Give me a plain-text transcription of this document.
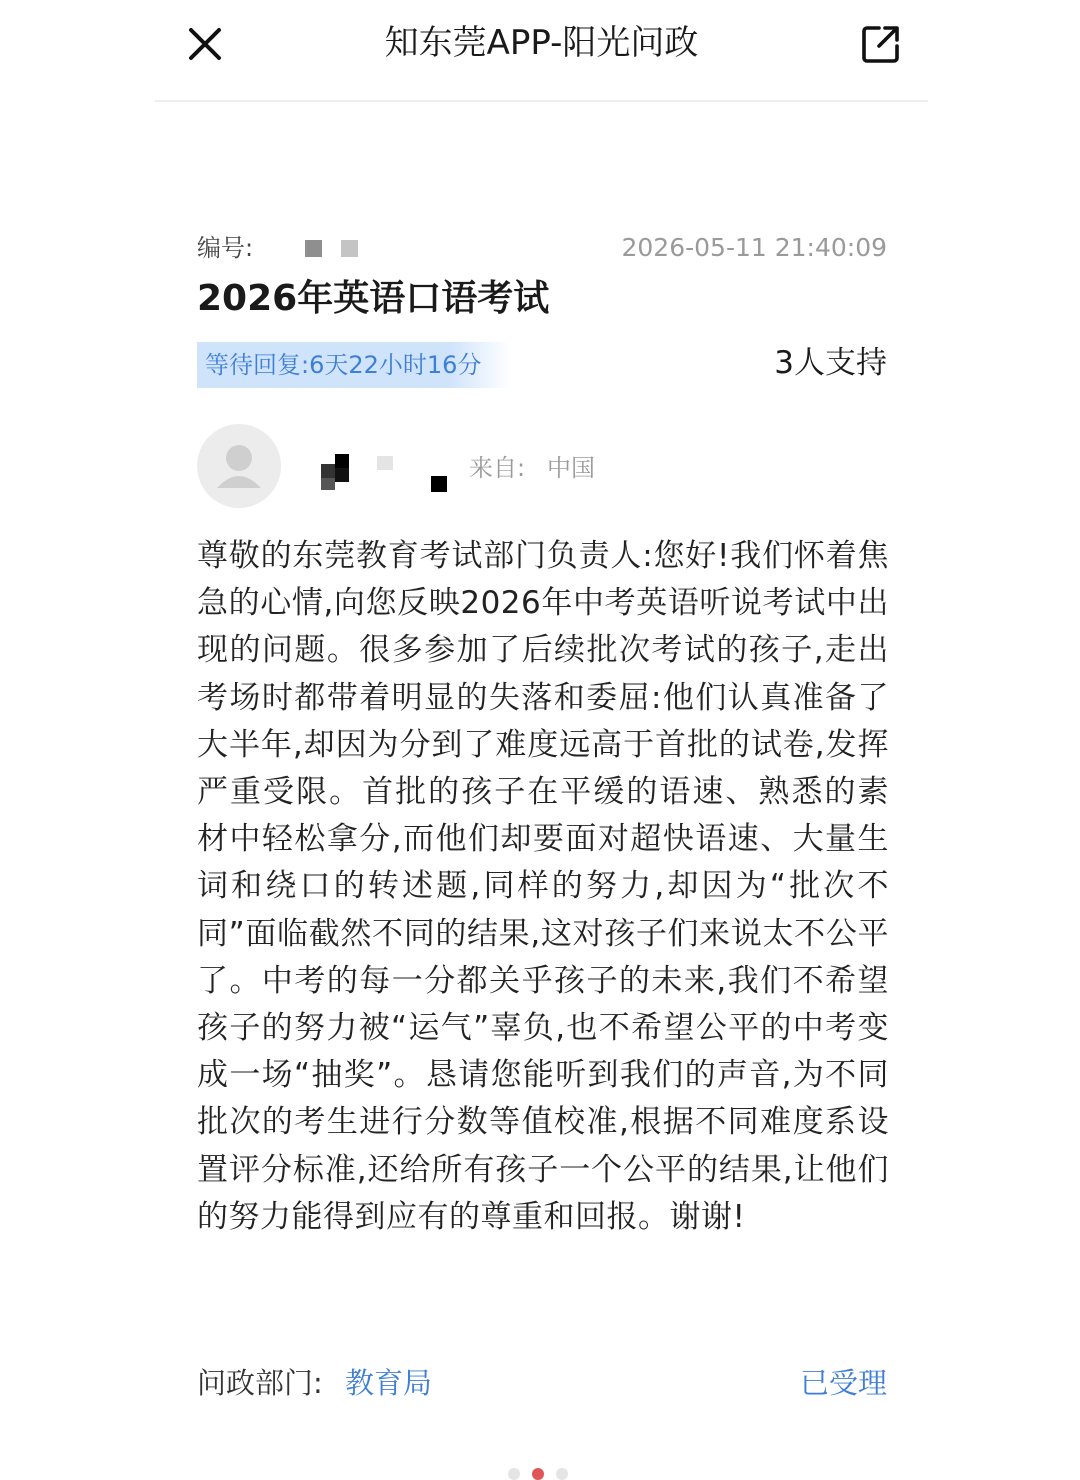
知东莞APP-阳光问政
编号:	2026-05-11 21:40:09
2026年英语口语考试
等待回复:6天22小时16分	3人支持
来自: 中国
尊敬的东莞教育考试部门负责人:您好!我们怀着焦急的心情,向您反映2026年中考英语听说考试中出现的问题。很多参加了后续批次考试的孩子,走出考场时都带着明显的失落和委屈:他们认真准备了大半年,却因为分到了难度远高于首批的试卷,发挥严重受限。首批的孩子在平缓的语速、熟悉的素材中轻松拿分,而他们却要面对超快语速、大量生词和绕口的转述题,同样的努力,却因为“批次不同”面临截然不同的结果,这对孩子们来说太不公平了。中考的每一分都关乎孩子的未来,我们不希望孩子的努力被“运气”辜负,也不希望公平的中考变成一场“抽奖”。恳请您能听到我们的声音,为不同批次的考生进行分数等值校准,根据不同难度系设置评分标准,还给所有孩子一个公平的结果,让他们的努力能得到应有的尊重和回报。谢谢!
问政部门: 教育局	已受理
